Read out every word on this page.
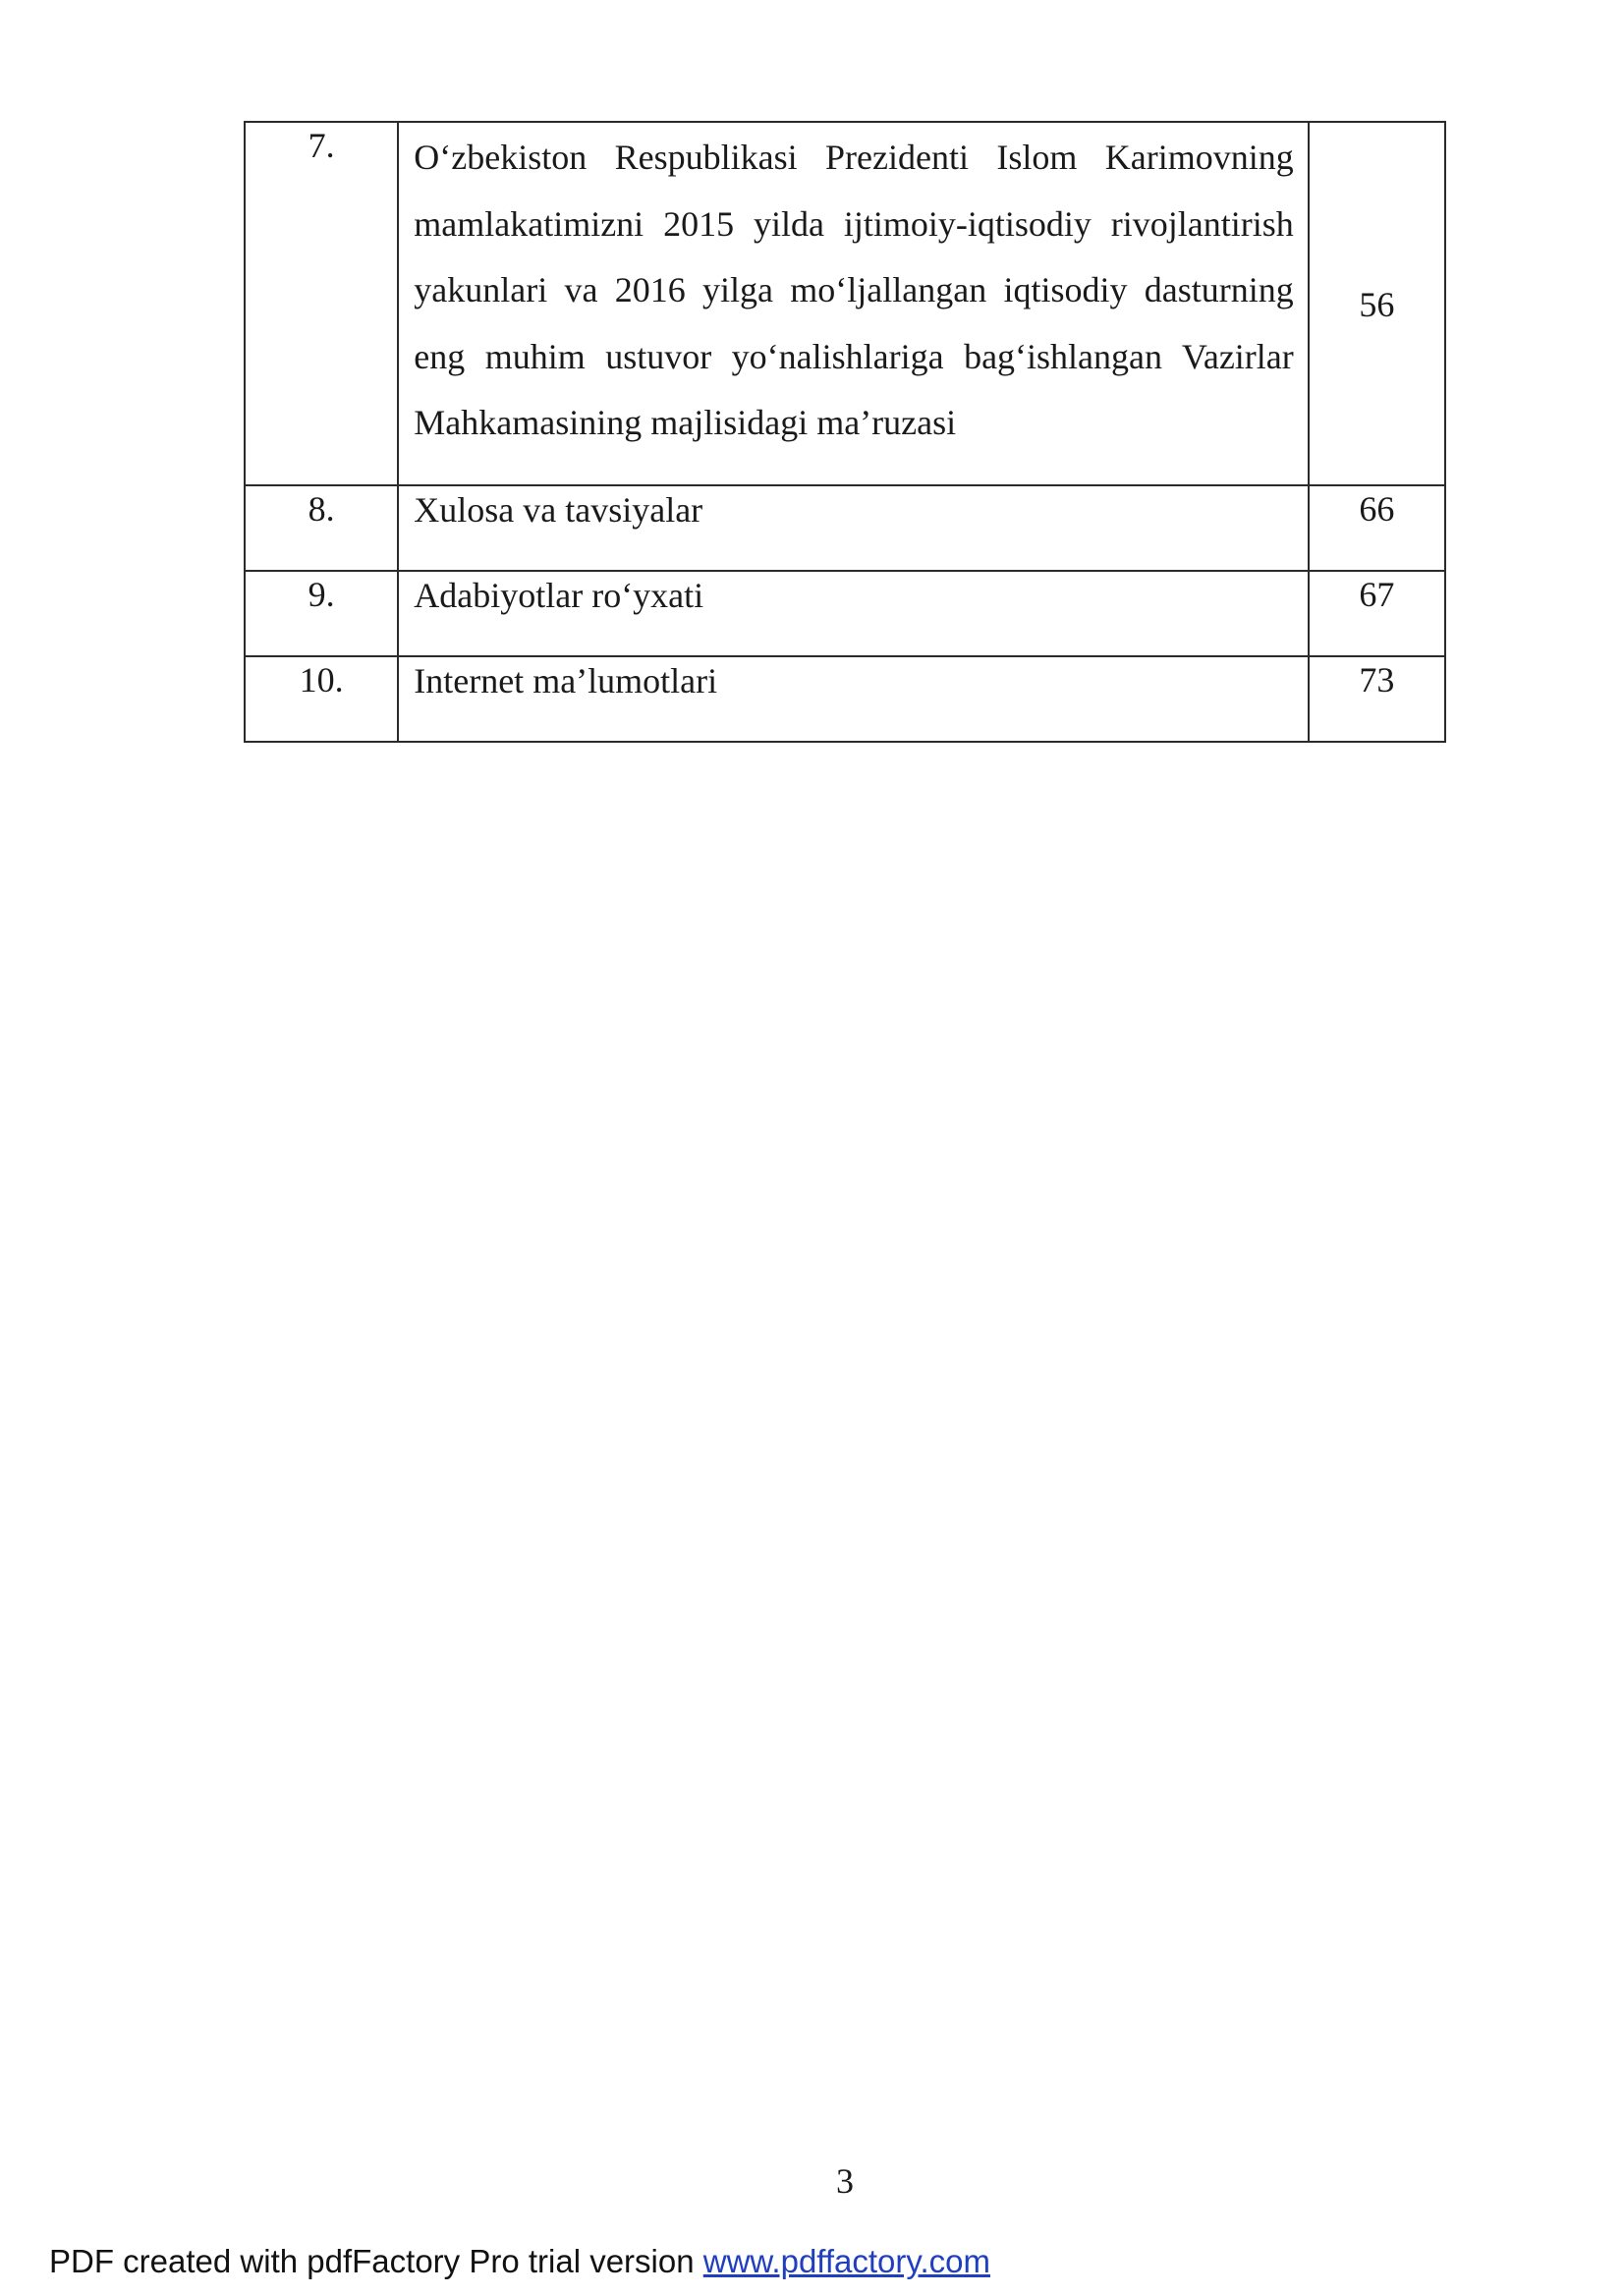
7.	O‘zbekiston Respublikasi Prezidenti Islom Karimovning mamlakatimizni 2015 yilda ijtimoiy-iqtisodiy rivojlantirish yakunlari va 2016 yilga mo‘ljallangan iqtisodiy dasturning eng muhim ustuvor yo‘nalishlariga bag‘ishlangan Vazirlar Mahkamasining majlisidagi ma’ruzasi	56
8.	Xulosa va tavsiyalar	66
9.	Adabiyotlar ro‘yxati	67
10.	Internet ma’lumotlari	73
3
PDF created with pdfFactory Pro trial version www.pdffactory.com
